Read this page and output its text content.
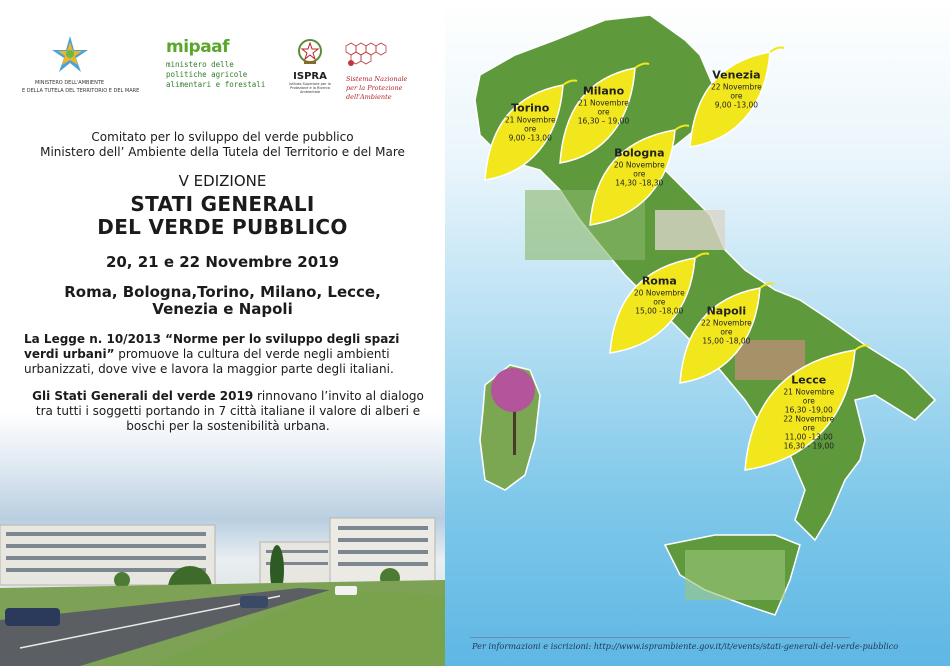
MINISTERO DELL'AMBIENTE
E DELLA TUTELA DEL TERRITORIO E DEL MARE
mipaaf
ministero delle
politiche agricole
alimentari e forestali
ISPRA
Istituto Superiore per la Protezione e la Ricerca Ambientale
Sistema Nazionale
per la Protezione
dell'Ambiente
Comitato per lo sviluppo del verde pubblico
Ministero dell’ Ambiente della Tutela del Territorio e del Mare
V EDIZIONE
STATI GENERALI
DEL VERDE PUBBLICO
20, 21 e 22 Novembre 2019
Roma, Bologna,Torino, Milano, Lecce,
Venezia e Napoli
La Legge n. 10/2013 “Norme per lo sviluppo degli spazi verdi urbani” promuove la cultura del verde negli ambienti urbanizzati, dove vive e lavora la maggior parte degli italiani.
Gli Stati Generali del verde 2019 rinnovano l’invito al dialogo tra tutti i soggetti portando in 7 città italiane il valore di alberi e boschi per la sostenibilità urbana.
Torino
21 Novembre
ore
9,00 -13,00
Milano
21 Novembre
ore
16,30 – 19,00
Venezia
22 Novembre
ore
9,00 -13,00
Bologna
20 Novembre
ore
14,30 -18,30
Roma
20 Novembre
ore
15,00 -18,00 Napoli
22 Novembre
ore
15,00 -18,00
Lecce
21 Novembre
ore
16,30 -19,00
22 Novembre
ore
11,00 -13,00
16,30 - 19,00
Per informazioni e iscrizioni: http://www.isprambiente.gov.it/it/events/stati-generali-del-verde-pubblico
